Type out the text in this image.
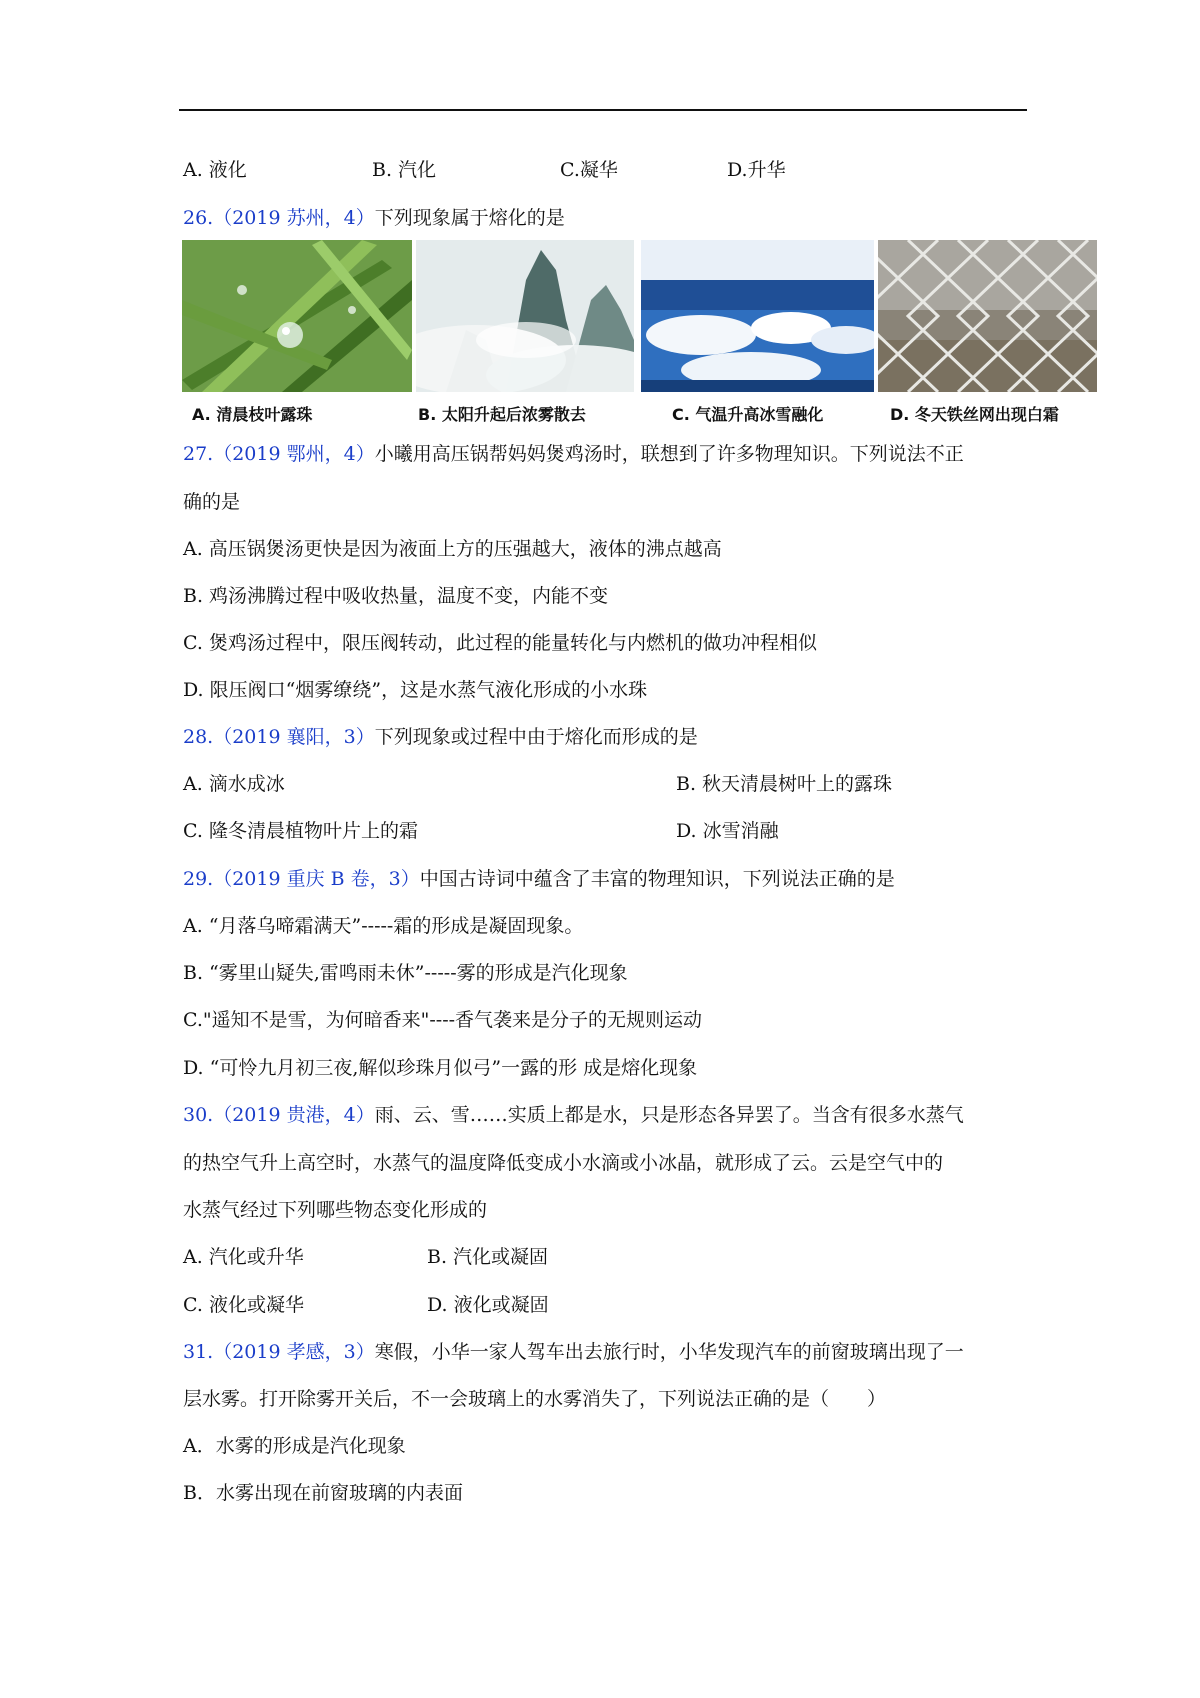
A. 液化	B. 汽化	C.凝华	D.升华
26.（2019 苏州，4）下列现象属于熔化的是
A. 清晨枝叶露珠	B. 太阳升起后浓雾散去	C. 气温升高冰雪融化	D. 冬天铁丝网出现白霜
27.（2019 鄂州，4）小曦用高压锅帮妈妈煲鸡汤时，联想到了许多物理知识。下列说法不正
确的是
A. 高压锅煲汤更快是因为液面上方的压强越大，液体的沸点越高
B. 鸡汤沸腾过程中吸收热量，温度不变，内能不变
C. 煲鸡汤过程中，限压阀转动，此过程的能量转化与内燃机的做功冲程相似
D. 限压阀口“烟雾缭绕”，这是水蒸气液化形成的小水珠
28.（2019 襄阳，3）下列现象或过程中由于熔化而形成的是
A. 滴水成冰	B. 秋天清晨树叶上的露珠
C. 隆冬清晨植物叶片上的霜	D. 冰雪消融
29.（2019 重庆 B 卷，3）中国古诗词中蕴含了丰富的物理知识，下列说法正确的是
A. “月落乌啼霜满天”-----霜的形成是凝固现象。
B. “雾里山疑失,雷鸣雨未休”-----雾的形成是汽化现象
C."遥知不是雪，为何暗香来"----香气袭来是分子的无规则运动
D. “可怜九月初三夜,解似珍珠月似弓”一露的形 成是熔化现象
30.（2019 贵港，4）雨、云、雪……实质上都是水，只是形态各异罢了。当含有很多水蒸气
的热空气升上高空时，水蒸气的温度降低变成小水滴或小冰晶，就形成了云。云是空气中的
水蒸气经过下列哪些物态变化形成的
A. 汽化或升华	B. 汽化或凝固
C. 液化或凝华	D. 液化或凝固
31.（2019 孝感，3）寒假，小华一家人驾车出去旅行时，小华发现汽车的前窗玻璃出现了一
层水雾。打开除雾开关后，不一会玻璃上的水雾消失了，下列说法正确的是（　　）
A．水雾的形成是汽化现象
B．水雾出现在前窗玻璃的内表面
